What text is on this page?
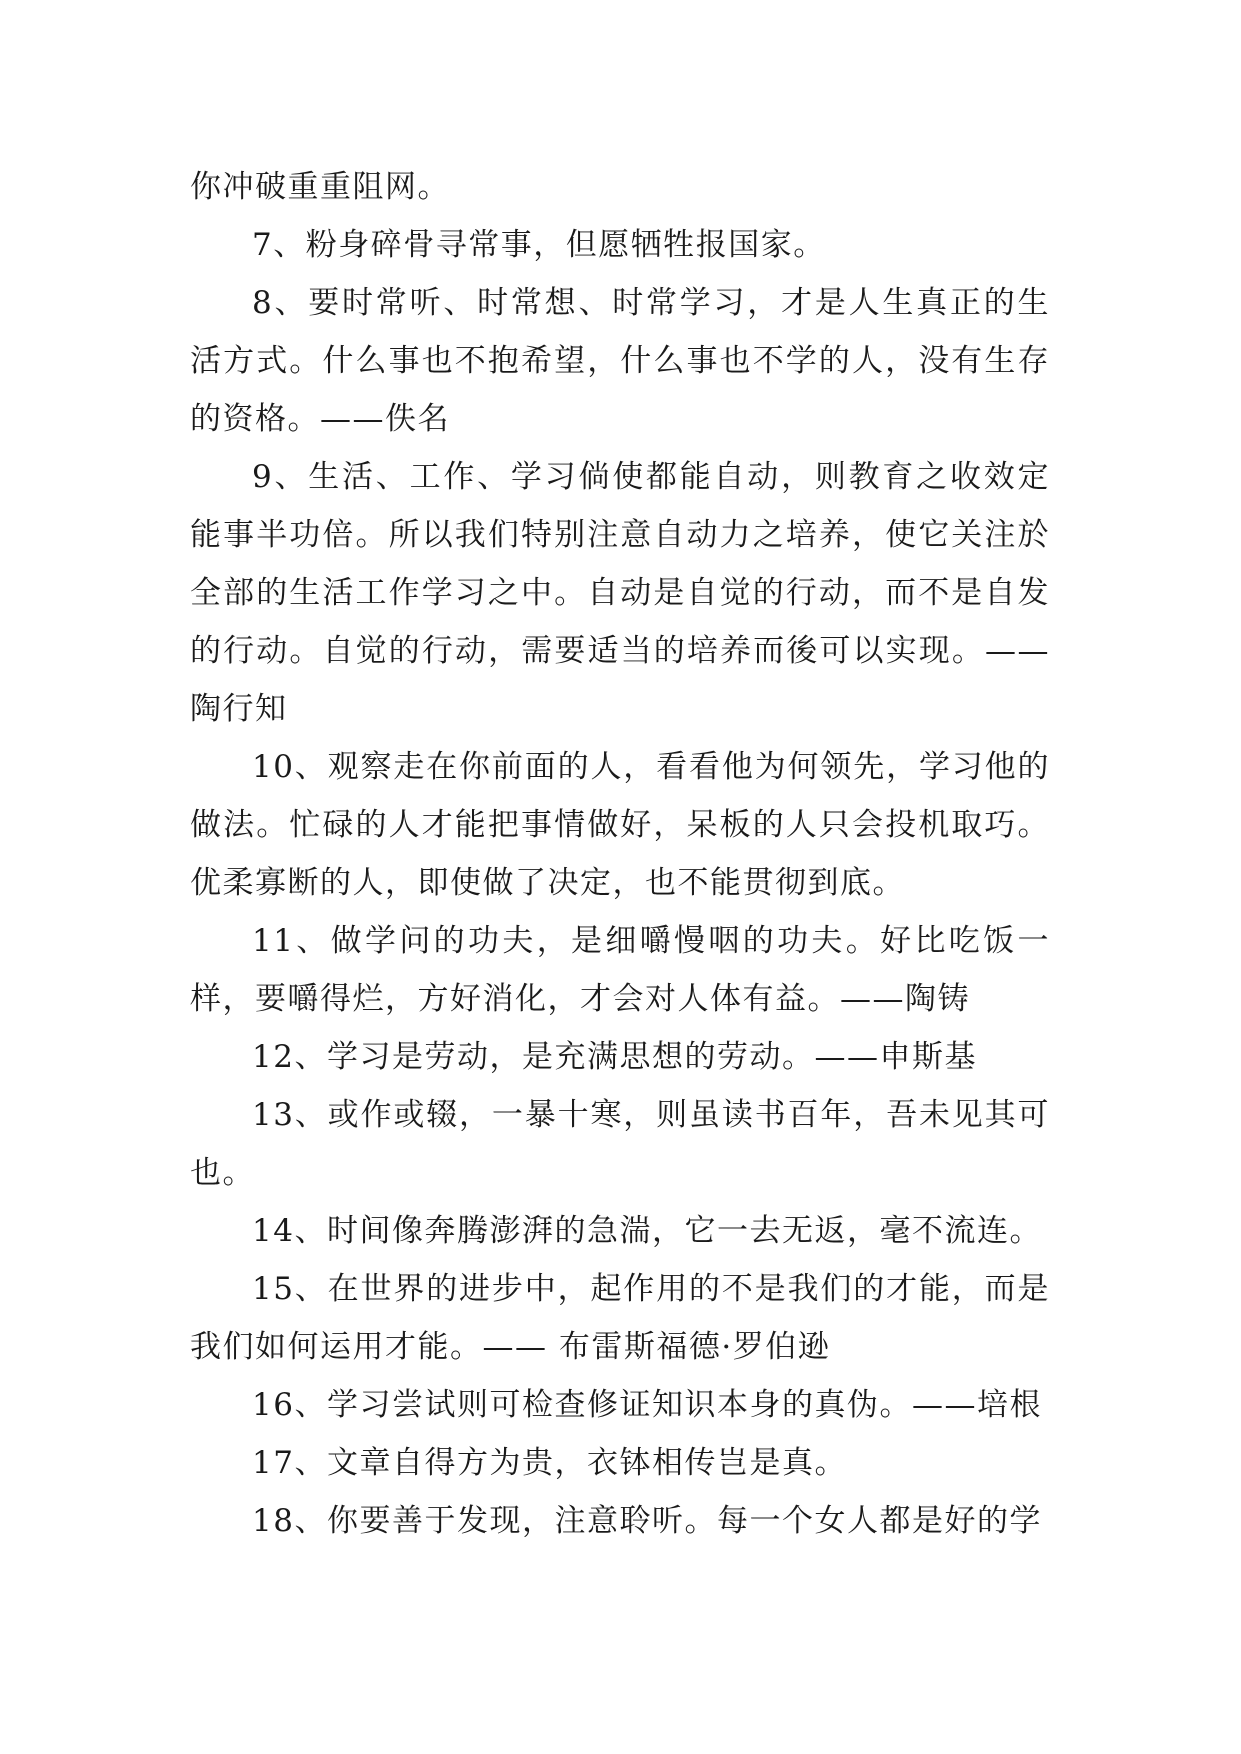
你冲破重重阻网。

7、粉身碎骨寻常事，但愿牺牲报国家。

8、要时常听、时常想、时常学习，才是人生真正的生活方式。什么事也不抱希望，什么事也不学的人，没有生存的资格。——佚名

9、生活、工作、学习倘使都能自动，则教育之收效定能事半功倍。所以我们特别注意自动力之培养，使它关注於全部的生活工作学习之中。自动是自觉的行动，而不是自发的行动。自觉的行动，需要适当的培养而後可以实现。——陶行知

10、观察走在你前面的人，看看他为何领先，学习他的做法。忙碌的人才能把事情做好，呆板的人只会投机取巧。优柔寡断的人，即使做了决定，也不能贯彻到底。

11、做学问的功夫，是细嚼慢咽的功夫。好比吃饭一样，要嚼得烂，方好消化，才会对人体有益。——陶铸

12、学习是劳动，是充满思想的劳动。——申斯基

13、或作或辍，一暴十寒，则虽读书百年，吾未见其可也。

14、时间像奔腾澎湃的急湍，它一去无返，毫不流连。

15、在世界的进步中，起作用的不是我们的才能，而是我们如何运用才能。—— 布雷斯福德·罗伯逊

16、学习尝试则可检查修证知识本身的真伪。——培根

17、文章自得方为贵，衣钵相传岂是真。

18、你要善于发现，注意聆听。每一个女人都是好的学
